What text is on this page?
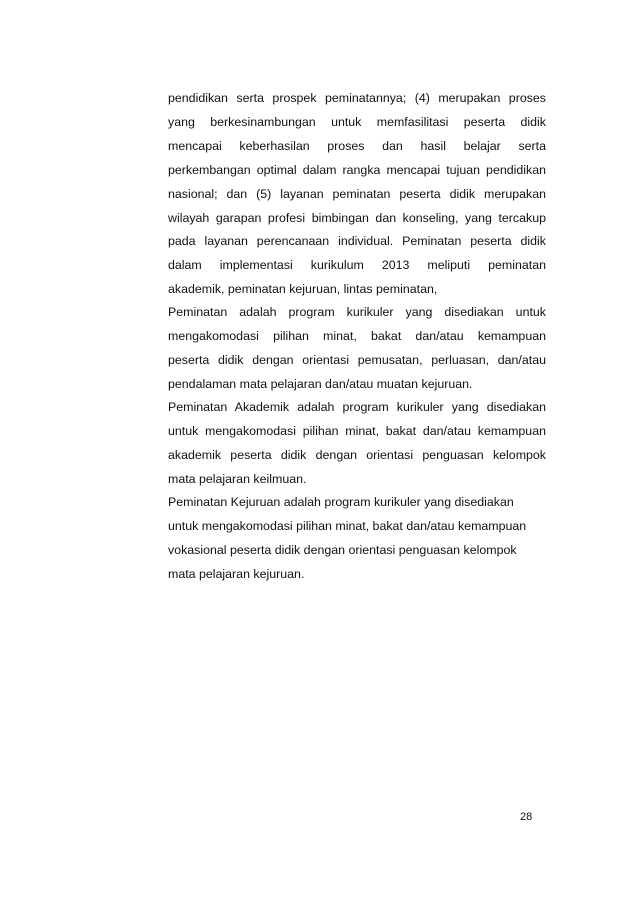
pendidikan serta prospek peminatannya; (4) merupakan proses
yang berkesinambungan untuk memfasilitasi peserta didik
mencapai keberhasilan proses dan hasil belajar serta
perkembangan optimal dalam rangka mencapai tujuan pendidikan
nasional; dan (5) layanan peminatan peserta didik merupakan
wilayah garapan profesi bimbingan dan konseling, yang tercakup
pada layanan perencanaan individual. Peminatan peserta didik
dalam implementasi kurikulum 2013 meliputi peminatan
akademik, peminatan kejuruan, lintas peminatan,
Peminatan adalah program kurikuler yang disediakan untuk
mengakomodasi pilihan minat, bakat dan/atau kemampuan
peserta didik dengan orientasi pemusatan, perluasan, dan/atau
pendalaman mata pelajaran dan/atau muatan kejuruan.
Peminatan Akademik adalah program kurikuler yang disediakan
untuk mengakomodasi pilihan minat, bakat dan/atau kemampuan
akademik peserta didik dengan orientasi penguasan kelompok
mata pelajaran keilmuan.
Peminatan Kejuruan adalah program kurikuler yang disediakan
untuk mengakomodasi pilihan minat, bakat dan/atau kemampuan
vokasional peserta didik dengan orientasi penguasan kelompok
mata pelajaran kejuruan.
28
